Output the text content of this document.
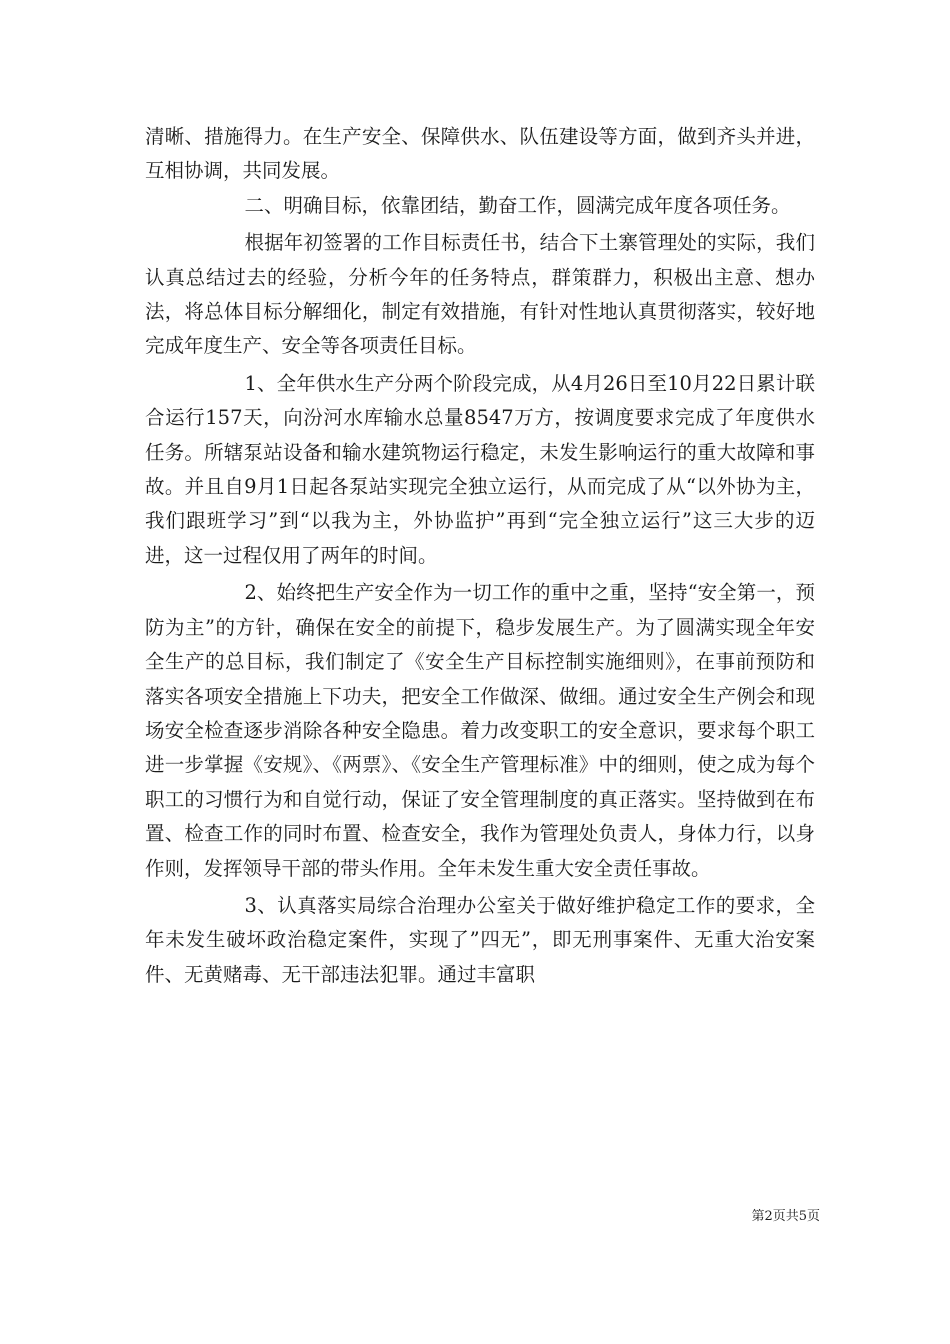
清晰、措施得力。在生产安全、保障供水、队伍建设等方面，做到齐头并进，互相协调，共同发展。

二、明确目标，依靠团结，勤奋工作，圆满完成年度各项任务。

根据年初签署的工作目标责任书，结合下土寨管理处的实际，我们认真总结过去的经验，分析今年的任务特点，群策群力，积极出主意、想办法，将总体目标分解细化，制定有效措施，有针对性地认真贯彻落实，较好地完成年度生产、安全等各项责任目标。

1、全年供水生产分两个阶段完成，从4月26日至10月22日累计联合运行157天，向汾河水库输水总量8547万方，按调度要求完成了年度供水任务。所辖泵站设备和输水建筑物运行稳定，未发生影响运行的重大故障和事故。并且自9月1日起各泵站实现完全独立运行，从而完成了从“以外协为主，我们跟班学习”到“以我为主，外协监护”再到“完全独立运行”这三大步的迈进，这一过程仅用了两年的时间。

2、始终把生产安全作为一切工作的重中之重，坚持“安全第一，预防为主”的方针，确保在安全的前提下，稳步发展生产。为了圆满实现全年安全生产的总目标，我们制定了《安全生产目标控制实施细则》，在事前预防和落实各项安全措施上下功夫，把安全工作做深、做细。通过安全生产例会和现场安全检查逐步消除各种安全隐患。着力改变职工的安全意识，要求每个职工进一步掌握《安规》、《两票》、《安全生产管理标准》中的细则，使之成为每个职工的习惯行为和自觉行动，保证了安全管理制度的真正落实。坚持做到在布置、检查工作的同时布置、检查安全，我作为管理处负责人，身体力行，以身作则，发挥领导干部的带头作用。全年未发生重大安全责任事故。

3、认真落实局综合治理办公室关于做好维护稳定工作的要求，全年未发生破坏政治稳定案件，实现了”四无”，即无刑事案件、无重大治安案件、无黄赌毒、无干部违法犯罪。通过丰富职

第2页共5页
